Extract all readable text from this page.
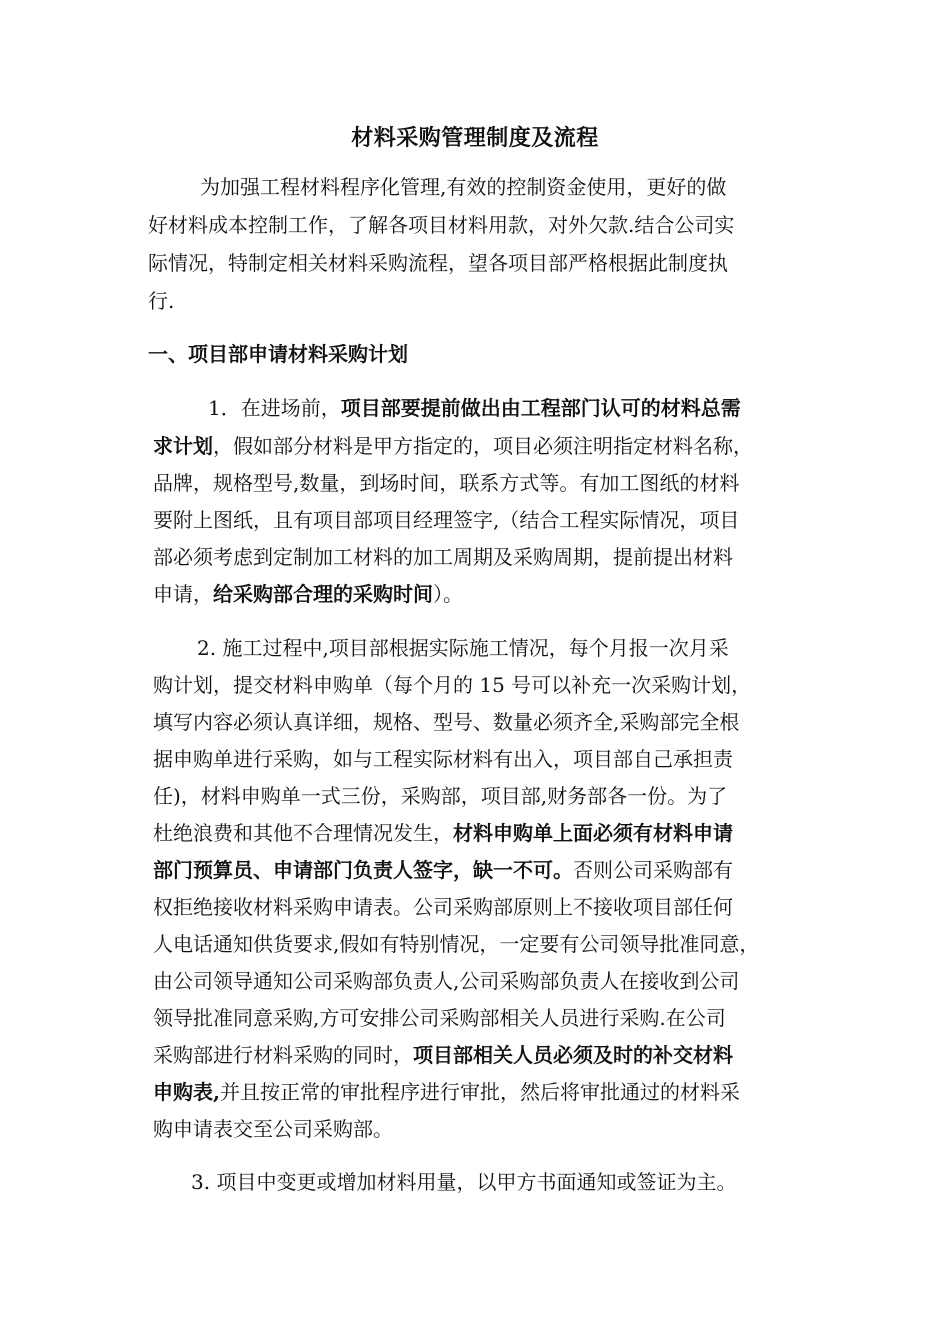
材料采购管理制度及流程
为加强工程材料程序化管理,有效的控制资金使用，更好的做
好材料成本控制工作，了解各项目材料用款，对外欠款.结合公司实
际情况，特制定相关材料采购流程，望各项目部严格根据此制度执
行.
一、项目部申请材料采购计划
1．在进场前，项目部要提前做出由工程部门认可的材料总需
求计划，假如部分材料是甲方指定的，项目必须注明指定材料名称，
品牌，规格型号,数量，到场时间，联系方式等。有加工图纸的材料
要附上图纸，且有项目部项目经理签字,（结合工程实际情况，项目
部必须考虑到定制加工材料的加工周期及采购周期，提前提出材料
申请，给采购部合理的采购时间）。
2. 施工过程中,项目部根据实际施工情况，每个月报一次月采
购计划，提交材料申购单（每个月的 15 号可以补充一次采购计划，
填写内容必须认真详细，规格、型号、数量必须齐全,采购部完全根
据申购单进行采购，如与工程实际材料有出入，项目部自己承担责
任)，材料申购单一式三份，采购部，项目部,财务部各一份。为了
杜绝浪费和其他不合理情况发生，材料申购单上面必须有材料申请
部门预算员、申请部门负责人签字，缺一不可。否则公司采购部有
权拒绝接收材料采购申请表。公司采购部原则上不接收项目部任何
人电话通知供货要求,假如有特别情况，一定要有公司领导批准同意，
由公司领导通知公司采购部负责人,公司采购部负责人在接收到公司
领导批准同意采购,方可安排公司采购部相关人员进行采购.在公司
采购部进行材料采购的同时，项目部相关人员必须及时的补交材料
申购表,并且按正常的审批程序进行审批，然后将审批通过的材料采
购申请表交至公司采购部。
3. 项目中变更或增加材料用量，以甲方书面通知或签证为主。
